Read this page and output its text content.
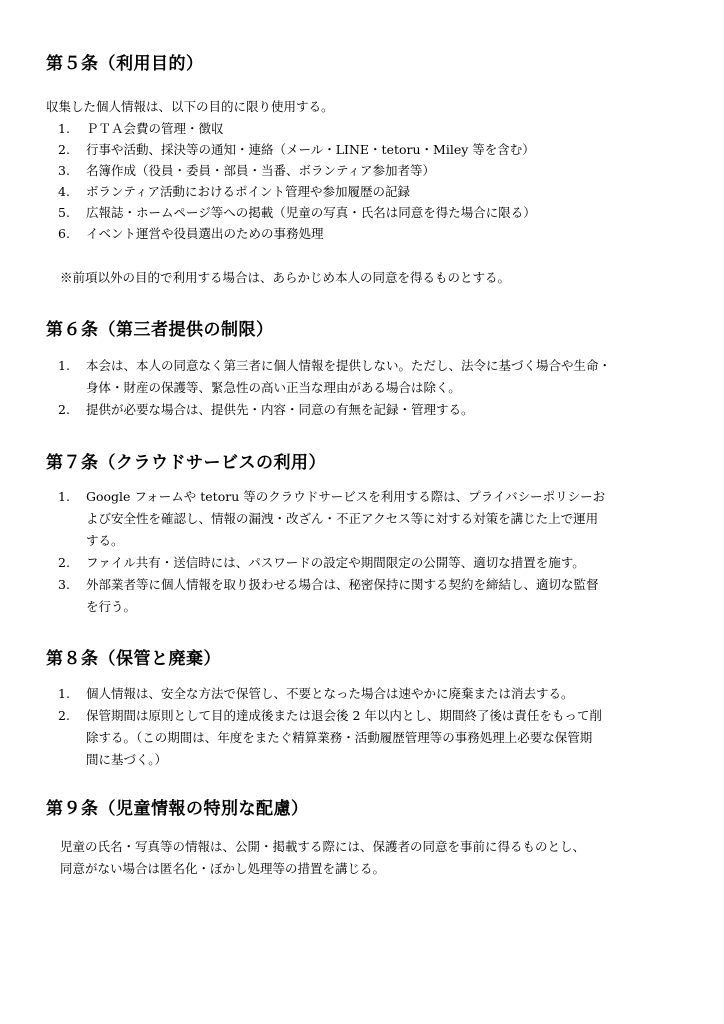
第５条（利用目的）
収集した個人情報は、以下の目的に限り使用する。
1. ＰＴＡ会費の管理・徴収
2. 行事や活動、採決等の通知・連絡（メール・LINE・tetoru・Miley 等を含む）
3. 名簿作成（役員・委員・部員・当番、ボランティア参加者等）
4. ボランティア活動におけるポイント管理や参加履歴の記録
5. 広報誌・ホームページ等への掲載（児童の写真・氏名は同意を得た場合に限る）
6. イベント運営や役員選出のための事務処理
※前項以外の目的で利用する場合は、あらかじめ本人の同意を得るものとする。
第６条（第三者提供の制限）
1. 本会は、本人の同意なく第三者に個人情報を提供しない。ただし、法令に基づく場合や生命・
身体・財産の保護等、緊急性の高い正当な理由がある場合は除く。
2. 提供が必要な場合は、提供先・内容・同意の有無を記録・管理する。
第７条（クラウドサービスの利用）
1. Google フォームや tetoru 等のクラウドサービスを利用する際は、プライバシーポリシーお
よび安全性を確認し、情報の漏洩・改ざん・不正アクセス等に対する対策を講じた上で運用
する。
2. ファイル共有・送信時には、パスワードの設定や期間限定の公開等、適切な措置を施す。
3. 外部業者等に個人情報を取り扱わせる場合は、秘密保持に関する契約を締結し、適切な監督
を行う。
第８条（保管と廃棄）
1. 個人情報は、安全な方法で保管し、不要となった場合は速やかに廃棄または消去する。
2. 保管期間は原則として目的達成後または退会後 2 年以内とし、期間終了後は責任をもって削
除する。（この期間は、年度をまたぐ精算業務・活動履歴管理等の事務処理上必要な保管期
間に基づく。）
第９条（児童情報の特別な配慮）
児童の氏名・写真等の情報は、公開・掲載する際には、保護者の同意を事前に得るものとし、
同意がない場合は匿名化・ぼかし処理等の措置を講じる。
